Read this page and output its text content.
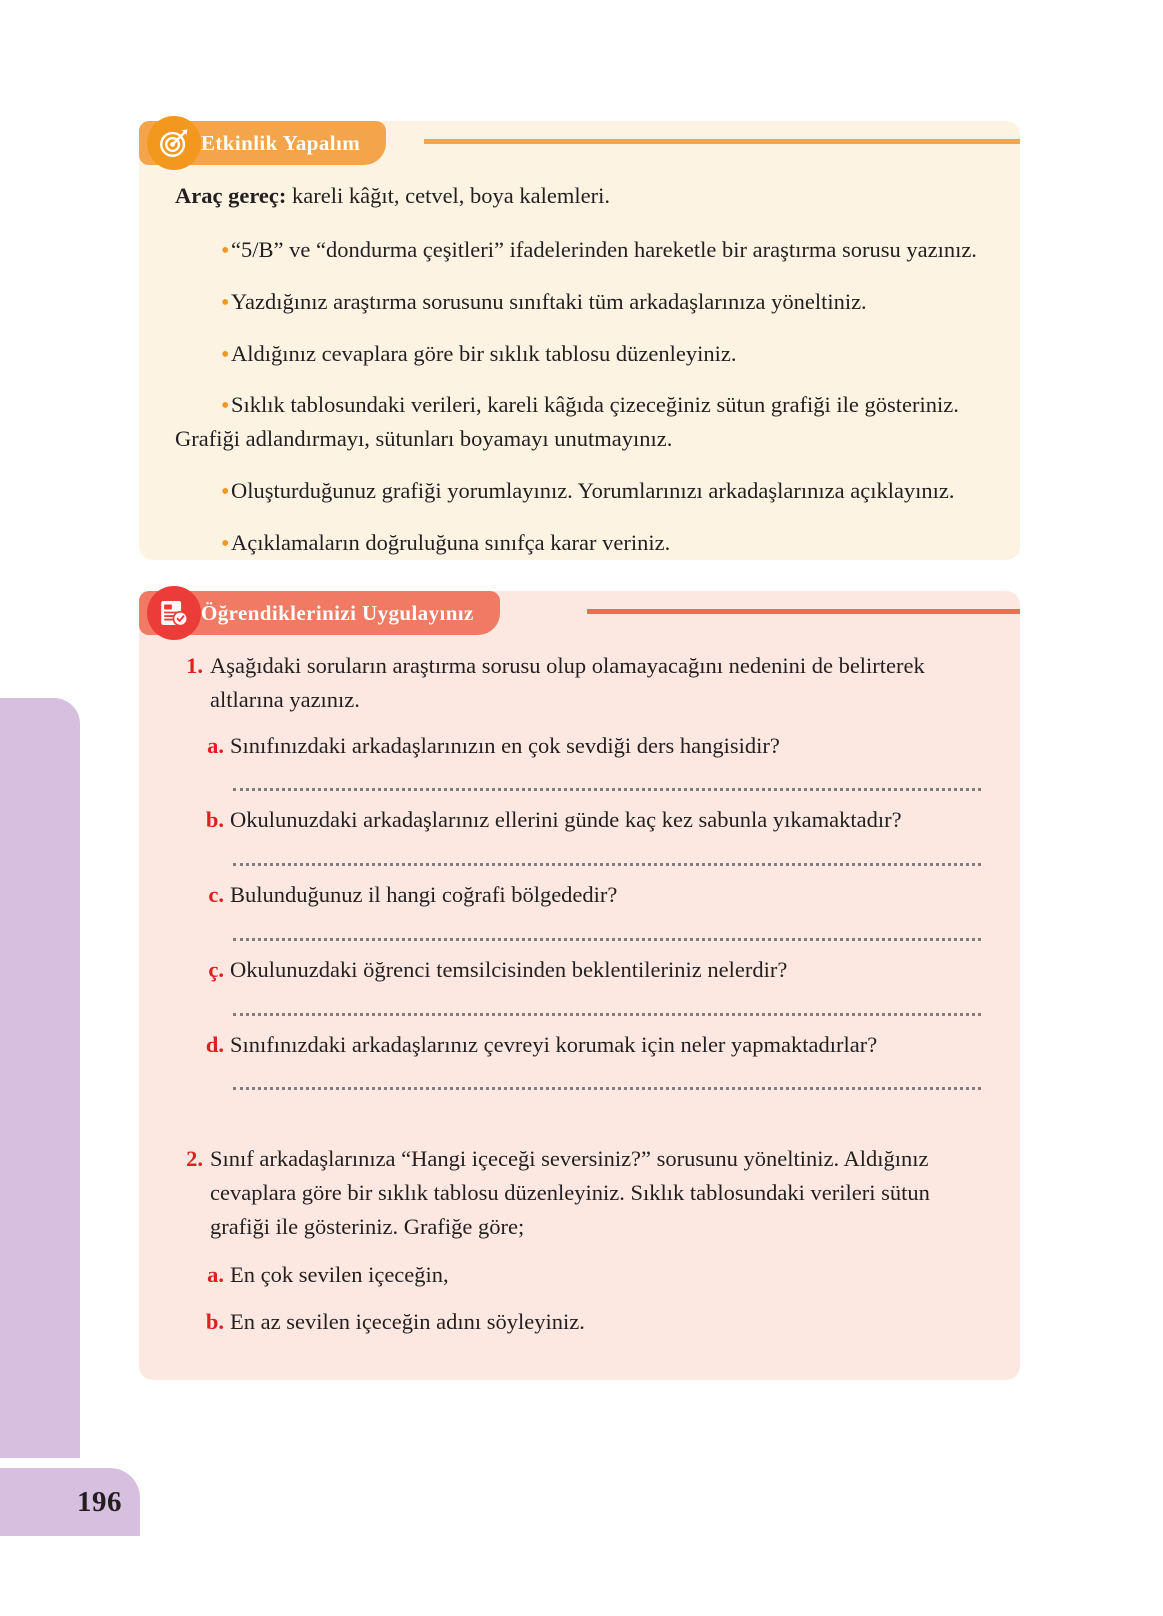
196
Etkinlik Yapalım

Araç gereç: kareli kâğıt, cetvel, boya kalemleri.

• “5/B” ve “dondurma çeşitleri” ifadelerinden hareketle bir araştırma sorusu yazınız.

• Yazdığınız araştırma sorusunu sınıftaki tüm arkadaşlarınıza yöneltiniz.

• Aldığınız cevaplara göre bir sıklık tablosu düzenleyiniz.

• Sıklık tablosundaki verileri, kareli kâğıda çizeceğiniz sütun grafiği ile gösteriniz. Grafiği adlandırmayı, sütunları boyamayı unutmayınız.

• Oluşturduğunuz grafiği yorumlayınız. Yorumlarınızı arkadaşlarınıza açıklayınız.

• Açıklamaların doğruluğuna sınıfça karar veriniz.

Öğrendiklerinizi Uygulayınız
1. Aşağıdaki soruların araştırma sorusu olup olamayacağını nedenini de belirterek altlarına yazınız.
a. Sınıfınızdaki arkadaşlarınızın en çok sevdiği ders hangisidir?
b. Okulunuzdaki arkadaşlarınız ellerini günde kaç kez sabunla yıkamaktadır?
c. Bulunduğunuz il hangi coğrafi bölgededir?
ç. Okulunuzdaki öğrenci temsilcisinden beklentileriniz nelerdir?
d. Sınıfınızdaki arkadaşlarınız çevreyi korumak için neler yapmaktadırlar?
2. Sınıf arkadaşlarınıza “Hangi içeceği seversiniz?” sorusunu yöneltiniz. Aldığınız cevaplara göre bir sıklık tablosu düzenleyiniz. Sıklık tablosundaki verileri sütun grafiği ile gösteriniz. Grafiğe göre;
a. En çok sevilen içeceğin,
b. En az sevilen içeceğin adını söyleyiniz.
